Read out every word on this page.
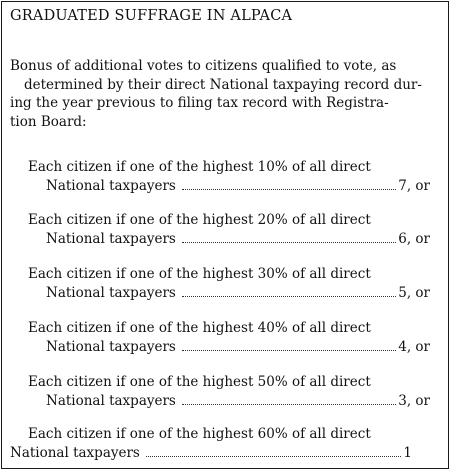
GRADUATED SUFFRAGE IN ALPACA
Bonus of additional votes to citizens qualified to vote, as
determined by their direct National taxpaying record dur-
ing the year previous to filing tax record with Registra-
tion Board:
Each citizen if one of the highest 10% of all direct
National taxpayers	7, or
Each citizen if one of the highest 20% of all direct
National taxpayers	6, or
Each citizen if one of the highest 30% of all direct
National taxpayers	5, or
Each citizen if one of the highest 40% of all direct
National taxpayers	4, or
Each citizen if one of the highest 50% of all direct
National taxpayers	3, or
Each citizen if one of the highest 60% of all direct
National taxpayers	1
